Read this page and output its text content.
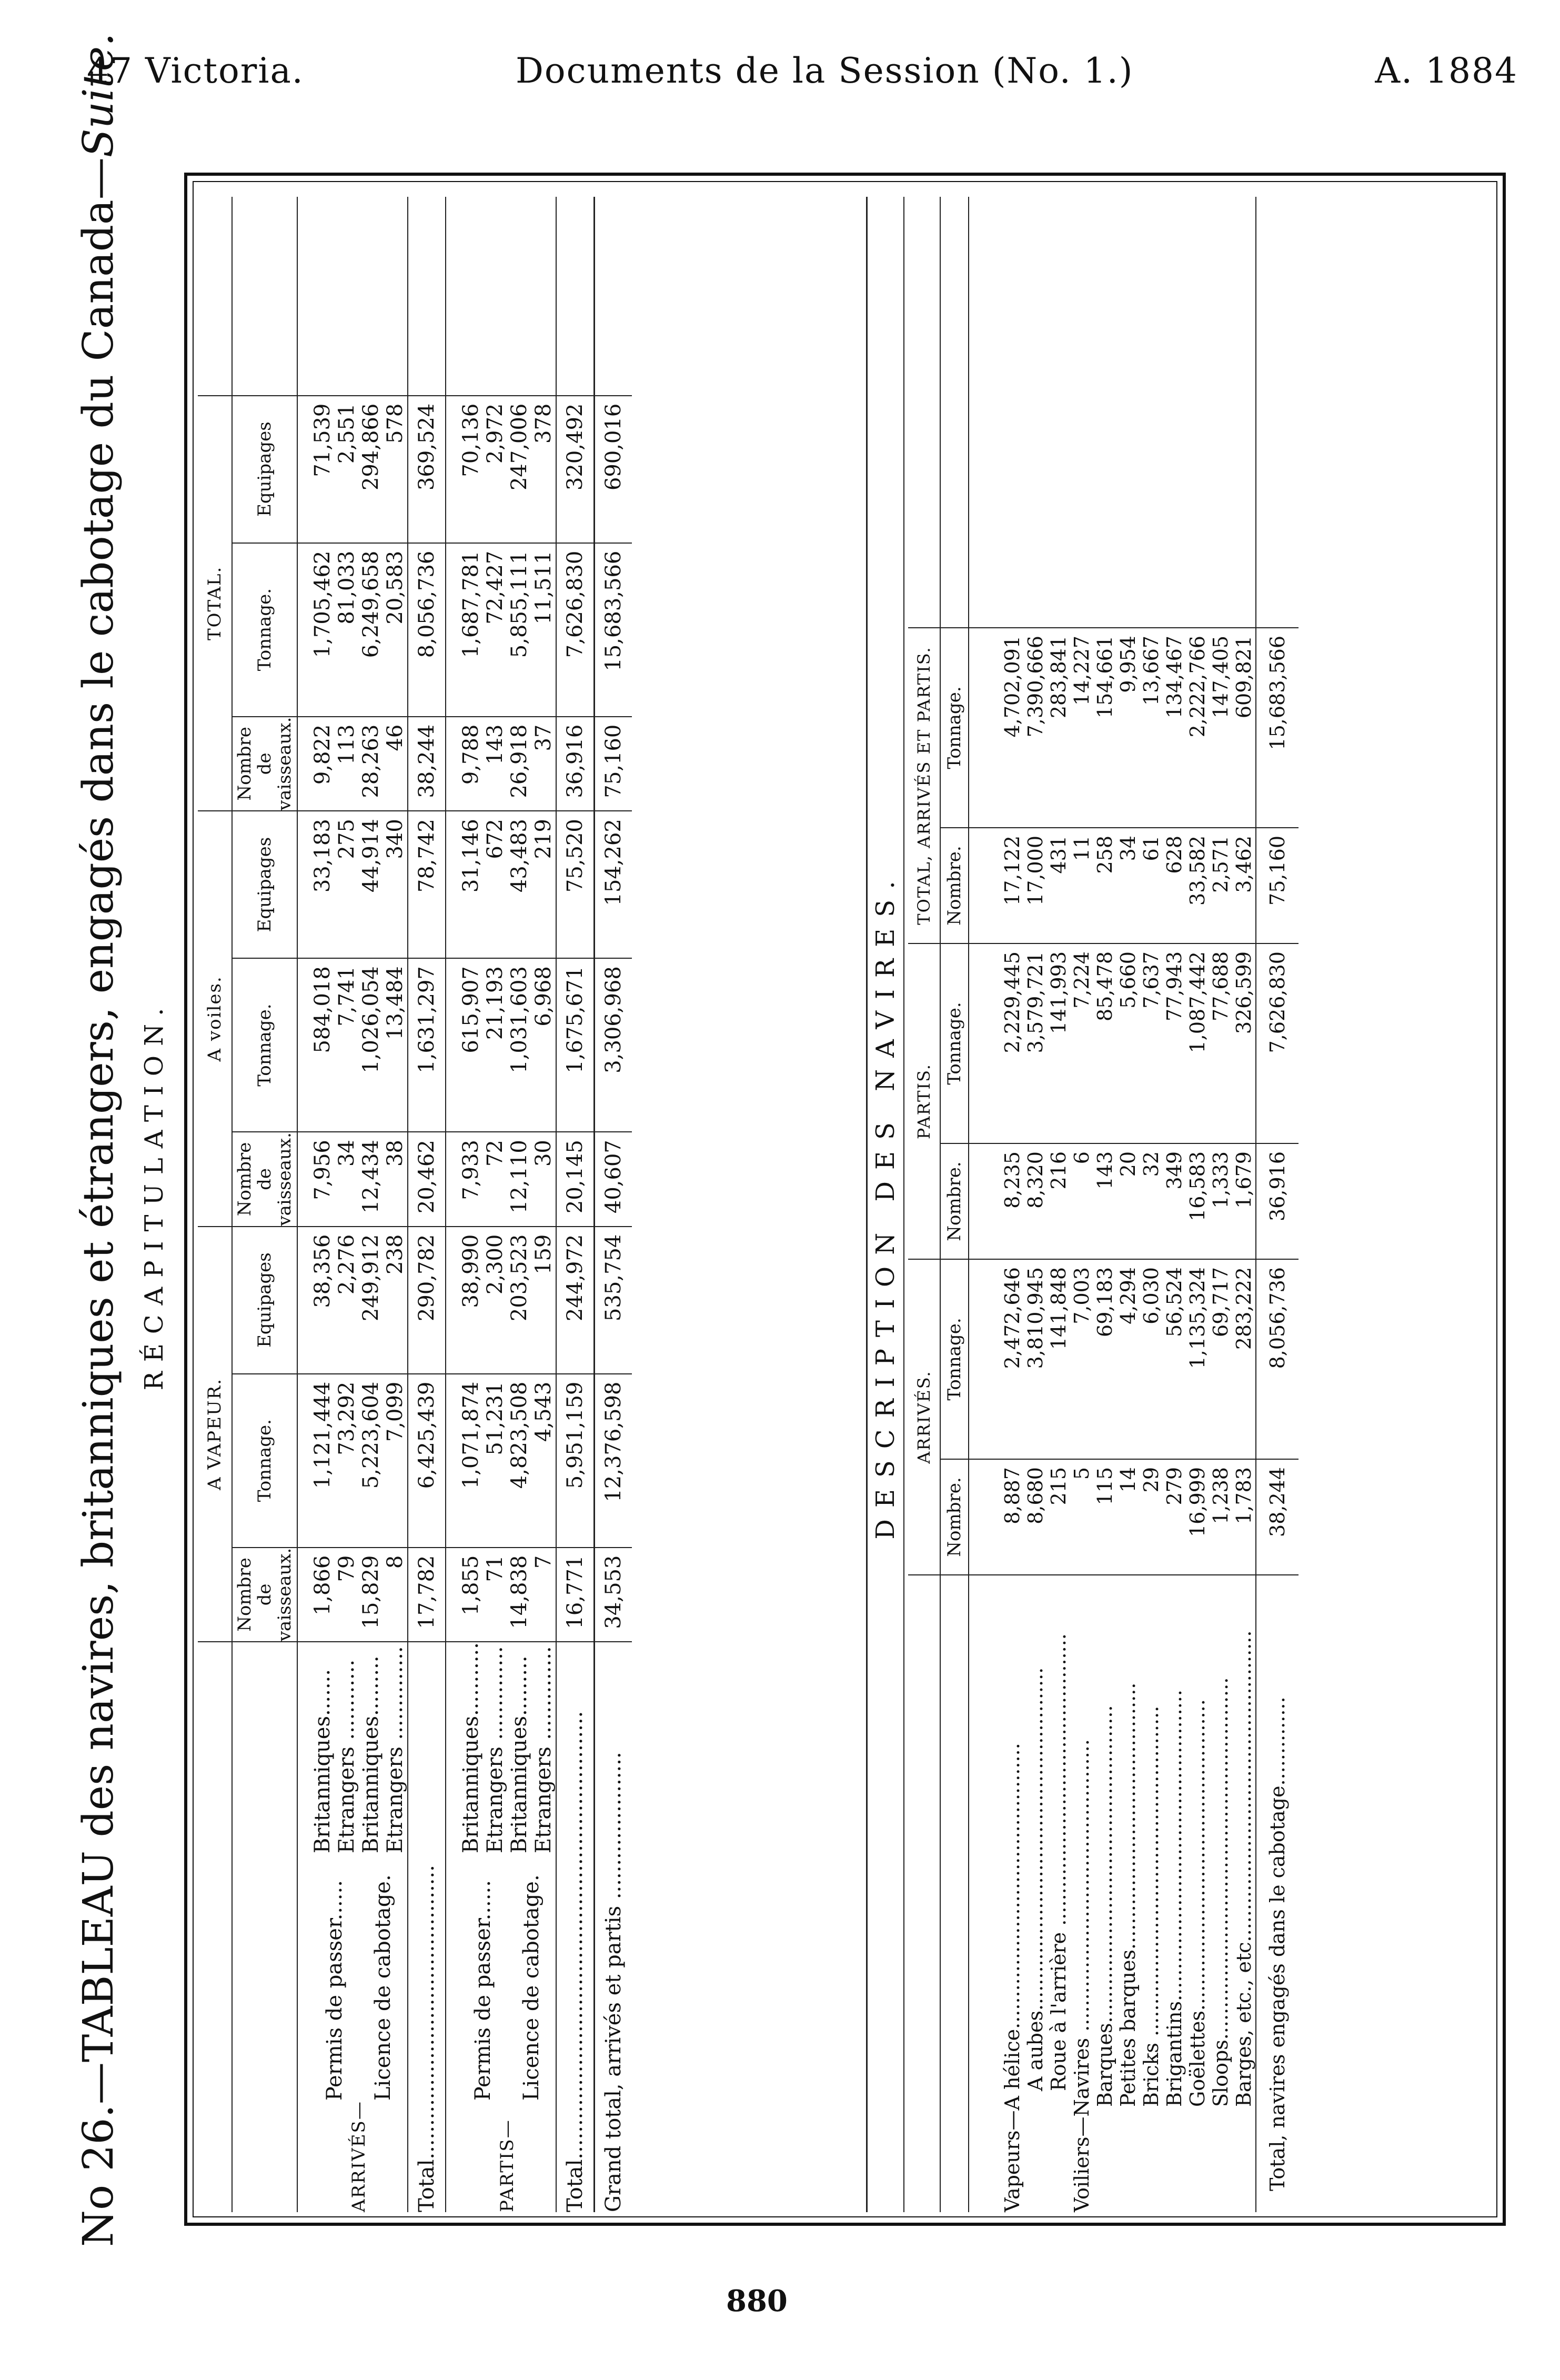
47 Victoria.	Documents de la Session (No. 1.)	A. 1884
No 26.—TABLEAU des navires, britanniques et étrangers, engagés dans le cabotage du Canada—Suite.
RÉCAPITULATION.
			A VAPEUR.			A voiles.			TOTAL.			
			Nombre de vaisseaux.	Tonnage.	Equipages	Nombre de vaisseaux.	Tonnage.	Equipages	Nombre de vaisseaux.	Tonnage.	Equipages	
ARRIVÉS—	Permis de passer......	Britanniques.......	1,866	1,121,444	38,356	7,956	584,018	33,183	9,822	1,705,462	71,539	
		Etrangers ............	79	73,292	2,276	34	7,741	275	113	81,033	2,551	
	Licence de cabotage.	Britanniques.........	15,829	5,223,604	249,912	12,434	1,026,054	44,914	28,263	6,249,658	294,866	
		Etrangers ..............	8	7,099	238	38	13,484	340	46	20,583	578	
Total............................................			17,782	6,425,439	290,782	20,462	1,631,297	78,742	38,244	8,056,736	369,524	
PARTIS—	Permis de passer......	Britanniques...........	1,855	1,071,874	38,990	7,933	615,907	31,146	9,788	1,687,781	70,136	
		Etrangers ..............	71	51,231	2,300	72	21,193	672	143	72,427	2,972	
	Licence de cabotage.	Britanniques.........	14,838	4,823,508	203,523	12,110	1,031,603	43,483	26,918	5,855,111	247,006	
		Etrangers ..............	7	4,543	159	30	6,968	219	37	11,511	378	
Total...................................................................			16,771	5,951,159	244,972	20,145	1,675,671	75,520	36,916	7,626,830	320,492	
Grand total, arrivés et partis ......................			34,553	12,376,598	535,754	40,607	3,306,968	154,262	75,160	15,683,566	690,016	
DESCRIPTION DES NAVIRES.
	ARRIVÉS.		PARTIS.		TOTAL, ARRIVÉS ET PARTIS.		
	Nombre.	Tonnage.	Nombre.	Tonnage.	Nombre.	Tonnage.	
Vapeurs—A hélice.............................................	8,887	2,472,646	8,235	2,229,445	17,122	4,702,091	
A aubes......................................................	8,680	3,810,945	8,320	3,579,721	17,000	7,390,666	
Roue à l'arrière ..............................................	215	141,848	216	141,993	431	283,841	
Voiliers—Navires ..............................................	5	7,003	6	7,224	11	14,227	
Barques..................................................	115	69,183	143	85,478	258	154,661	
Petites barques..........................................	14	4,294	20	5,660	34	9,954	
Bricks ....................................................	29	6,030	32	7,637	61	13,667	
Brigantins.................................................	279	56,524	349	77,943	628	134,467	
Goëlettes.................................................	16,999	1,135,324	16,583	1,087,442	33,582	2,222,766	
Sloops.........................................................	1,238	69,717	1,333	77,688	2,571	147,405	
Barges, etc., etc.................................................	1,783	283,222	1,679	326,599	3,462	609,821	
Total, navires engagés dans le cabotage..............	38,244	8,056,736	36,916	7,626,830	75,160	15,683,566	
880
